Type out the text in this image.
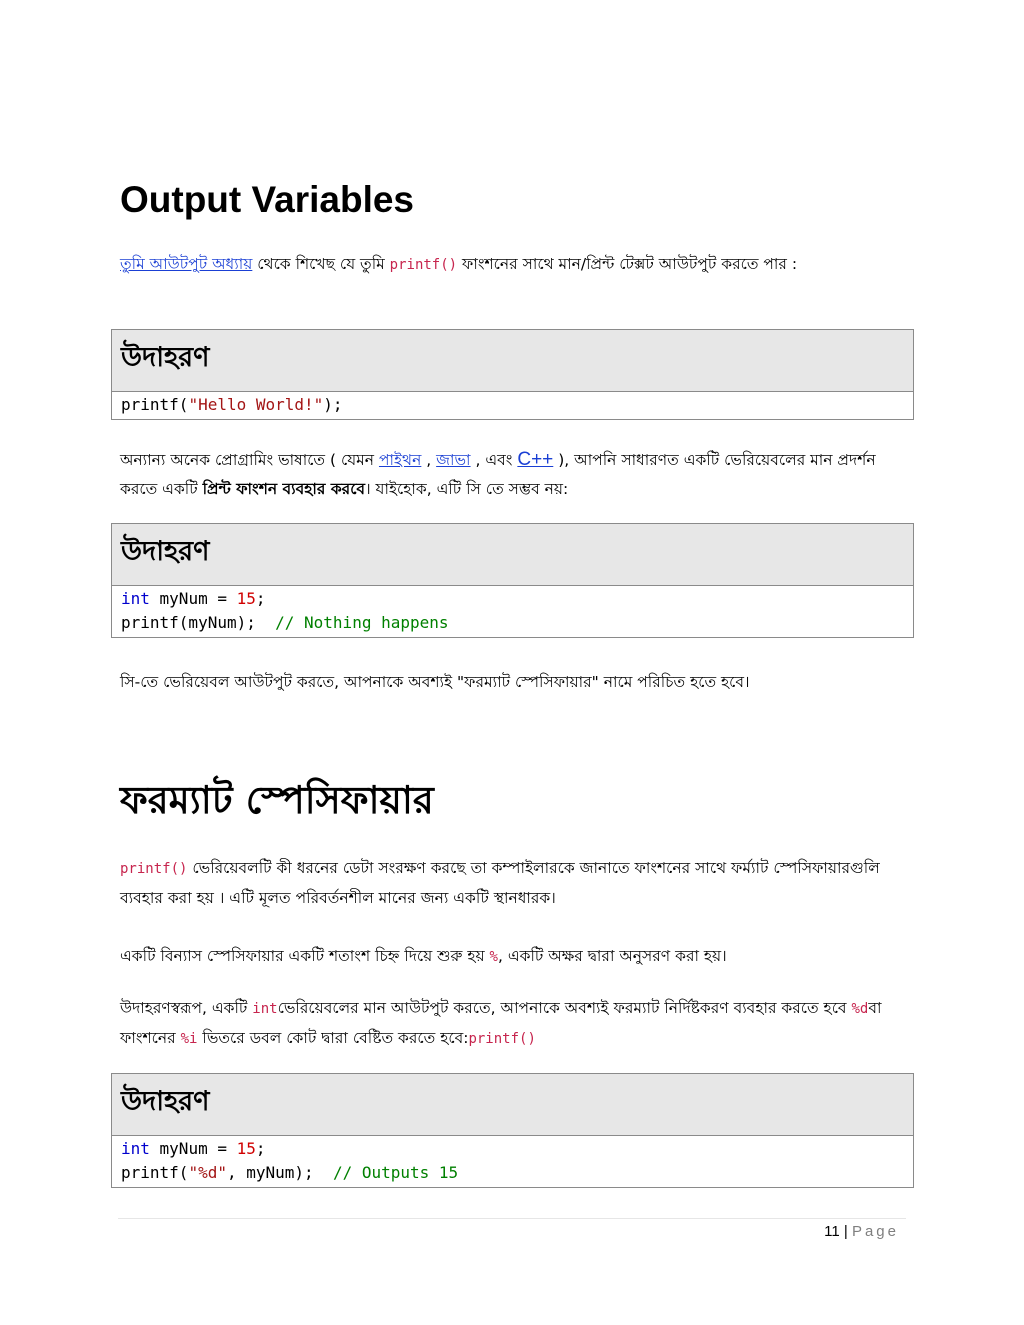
Output Variables

তুমি আউটপুট অধ্যায় থেকে শিখেছ যে তুমি printf() ফাংশনের সাথে মান/প্রিন্ট টেক্সট আউটপুট করতে পার :

উদাহরণ
printf("Hello World!");

অন্যান্য অনেক প্রোগ্রামিং ভাষাতে ( যেমন পাইথন , জাভা , এবং C++ ), আপনি সাধারণত একটি ভেরিয়েবলের মান প্রদর্শন করতে একটি প্রিন্ট ফাংশন ব্যবহার করবে। যাইহোক, এটি সি তে সম্ভব নয়:

উদাহরণ
int myNum = 15;
printf(myNum);  // Nothing happens

সি-তে ভেরিয়েবল আউটপুট করতে, আপনাকে অবশ্যই "ফরম্যাট স্পেসিফায়ার" নামে পরিচিত হতে হবে।

ফরম্যাট স্পেসিফায়ার

printf() ভেরিয়েবলটি কী ধরনের ডেটা সংরক্ষণ করছে তা কম্পাইলারকে জানাতে ফাংশনের সাথে ফর্ম্যাট স্পেসিফায়ারগুলি ব্যবহার করা হয় । এটি মূলত পরিবর্তনশীল মানের জন্য একটি স্থানধারক।

একটি বিন্যাস স্পেসিফায়ার একটি শতাংশ চিহ্ন দিয়ে শুরু হয় %, একটি অক্ষর দ্বারা অনুসরণ করা হয়।

উদাহরণস্বরূপ, একটি intভেরিয়েবলের মান আউটপুট করতে, আপনাকে অবশ্যই ফরম্যাট নির্দিষ্টকরণ ব্যবহার করতে হবে %dবা ফাংশনের %i ভিতরে ডবল কোট দ্বারা বেষ্টিত করতে হবে:printf()

উদাহরণ
int myNum = 15;
printf("%d", myNum);  // Outputs 15
11 | Page
